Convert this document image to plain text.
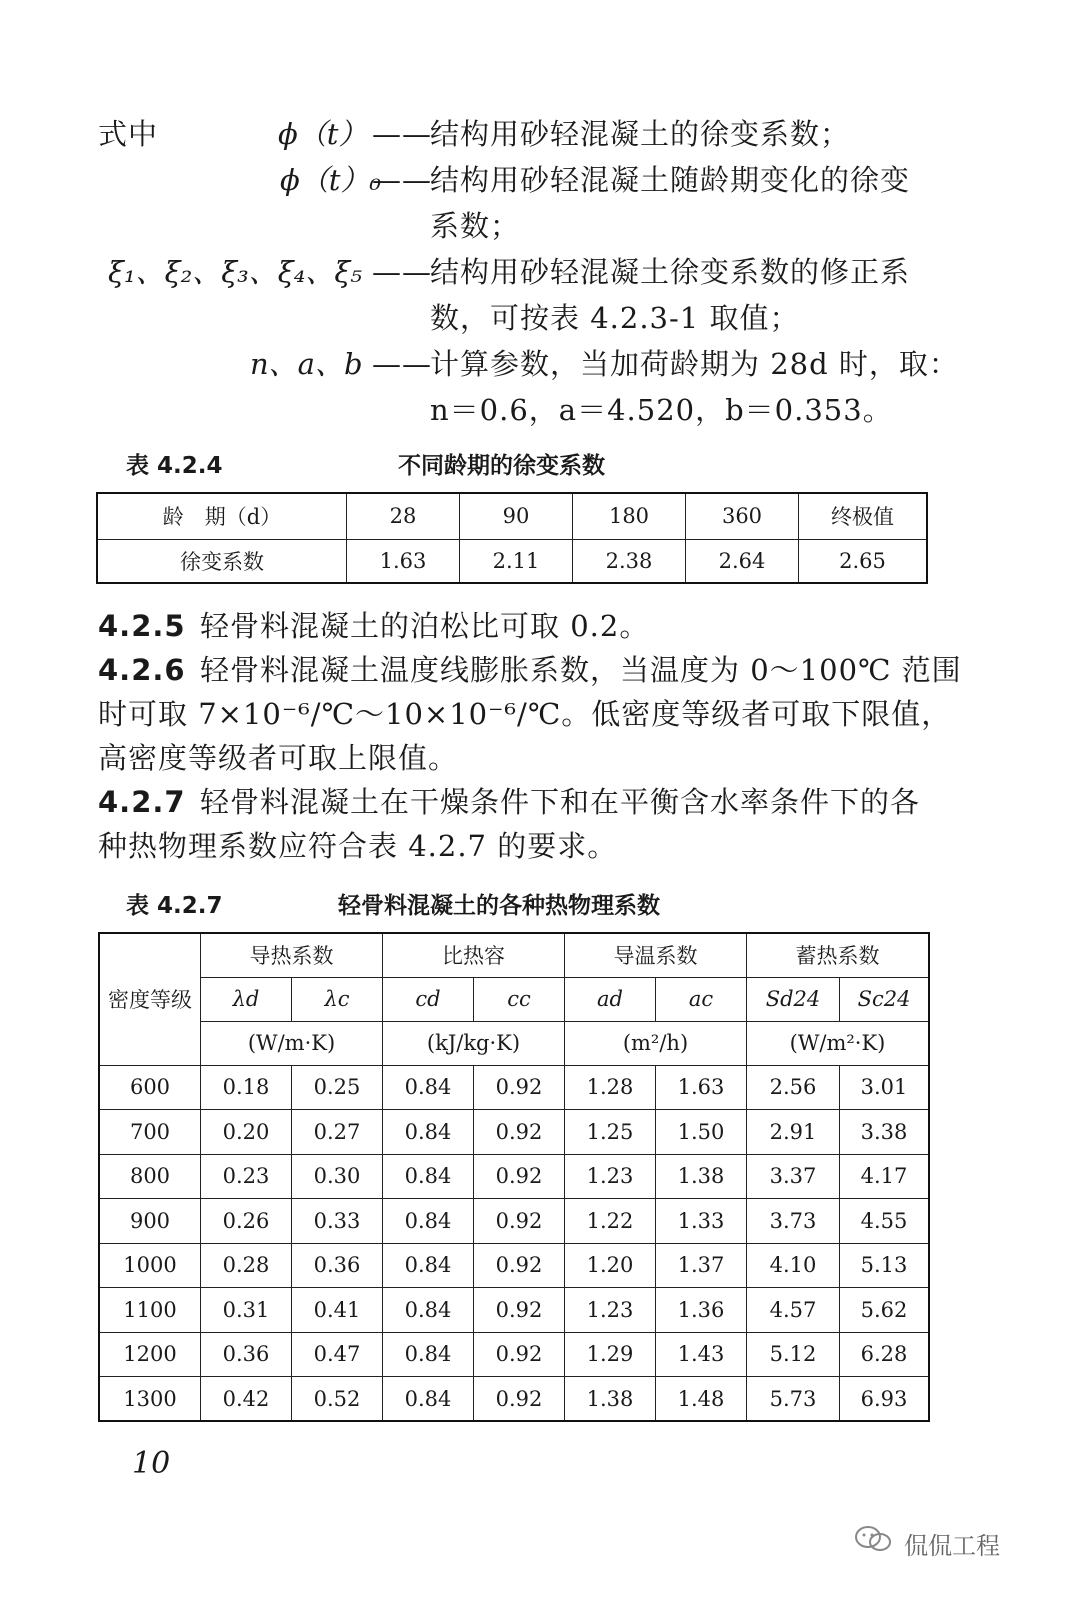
式中	ϕ（t） ——
结构用砂轻混凝土的徐变系数；
ϕ（t）₀
——
结构用砂轻混凝土随龄期变化的徐变
系数；
ξ₁、ξ₂、ξ₃、ξ₄、ξ₅ ——
结构用砂轻混凝土徐变系数的修正系
数，可按表 4.2.3-1 取值；
n、a、b ——
计算参数，当加荷龄期为 28d 时，取：
n＝0.6，a＝4.520，b＝0.353。
表 4.2.4	不同龄期的徐变系数
龄　期（d）	28	90	180	360	终极值
徐变系数	1.63	2.11	2.38	2.64	2.65
4.2.5 轻骨料混凝土的泊松比可取 0.2。
4.2.6 轻骨料混凝土温度线膨胀系数，当温度为 0～100℃ 范围
时可取 7×10⁻⁶/℃～10×10⁻⁶/℃。低密度等级者可取下限值，
高密度等级者可取上限值。
4.2.7 轻骨料混凝土在干燥条件下和在平衡含水率条件下的各
种热物理系数应符合表 4.2.7 的要求。
表 4.2.7	轻骨料混凝土的各种热物理系数
密度等级	导热系数		比热容		导温系数		蓄热系数	
	λd	λc	cd	cc	ad	ac	Sd24	Sc24
	(W/m·K)		(kJ/kg·K)		(m²/h)		(W/m²·K)	
600	0.18	0.25	0.84	0.92	1.28	1.63	2.56	3.01
700	0.20	0.27	0.84	0.92	1.25	1.50	2.91	3.38
800	0.23	0.30	0.84	0.92	1.23	1.38	3.37	4.17
900	0.26	0.33	0.84	0.92	1.22	1.33	3.73	4.55
1000	0.28	0.36	0.84	0.92	1.20	1.37	4.10	5.13
1100	0.31	0.41	0.84	0.92	1.23	1.36	4.57	5.62
1200	0.36	0.47	0.84	0.92	1.29	1.43	5.12	6.28
1300	0.42	0.52	0.84	0.92	1.38	1.48	5.73	6.93
10
侃侃工程
